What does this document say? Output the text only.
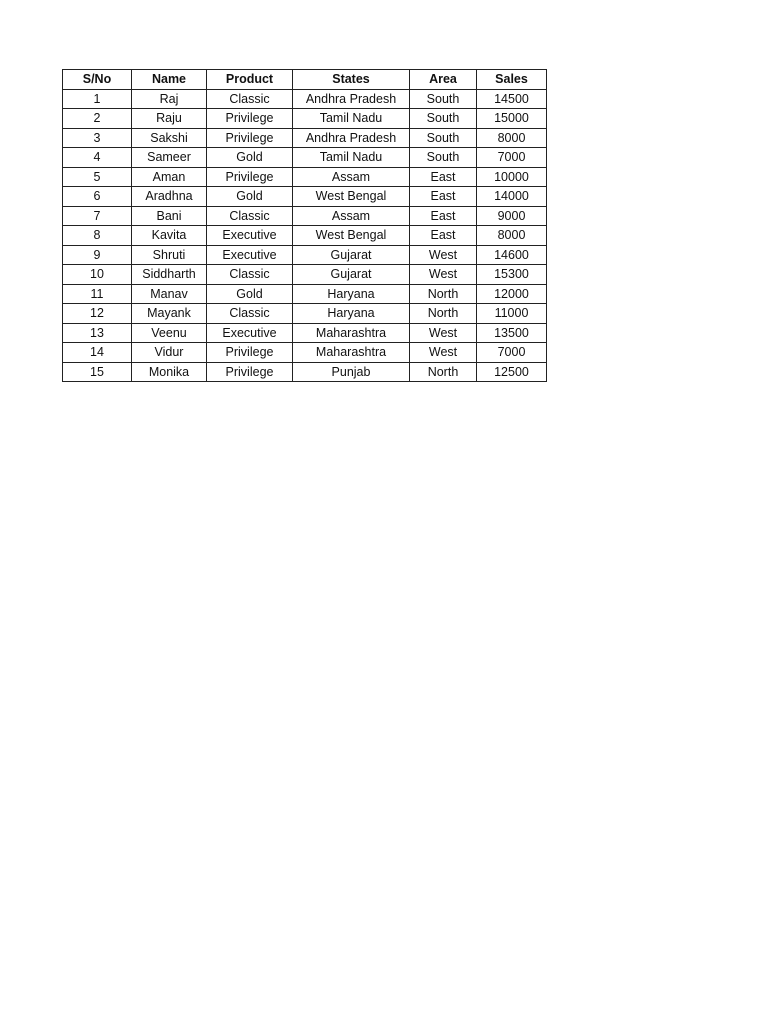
S/No	Name	Product	States	Area	Sales
1	Raj	Classic	Andhra Pradesh	South	14500
2	Raju	Privilege	Tamil Nadu	South	15000
3	Sakshi	Privilege	Andhra Pradesh	South	8000
4	Sameer	Gold	Tamil Nadu	South	7000
5	Aman	Privilege	Assam	East	10000
6	Aradhna	Gold	West Bengal	East	14000
7	Bani	Classic	Assam	East	9000
8	Kavita	Executive	West Bengal	East	8000
9	Shruti	Executive	Gujarat	West	14600
10	Siddharth	Classic	Gujarat	West	15300
11	Manav	Gold	Haryana	North	12000
12	Mayank	Classic	Haryana	North	11000
13	Veenu	Executive	Maharashtra	West	13500
14	Vidur	Privilege	Maharashtra	West	7000
15	Monika	Privilege	Punjab	North	12500
